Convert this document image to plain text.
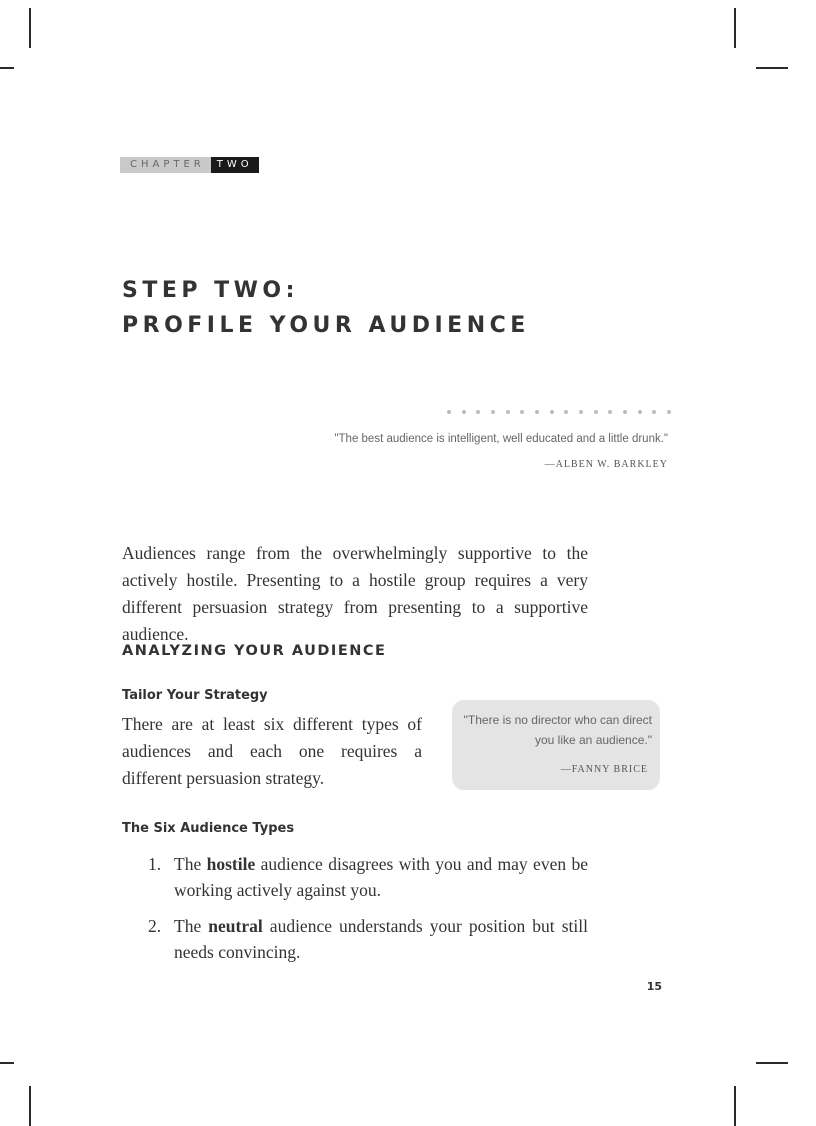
CHAPTER	TWO
STEP TWO:
PROFILE YOUR AUDIENCE
"The best audience is intelligent, well educated and a little drunk."
—ALBEN W. BARKLEY

Audiences range from the overwhelmingly supportive to the actively hostile. Presenting to a hostile group requires a very different persuasion strategy from presenting to a supportive audience.

ANALYZING YOUR AUDIENCE
Tailor Your Strategy

There are at least six different types of audiences and each one requires a different persuasion strategy.

"There is no director who can direct you like an audience."
—FANNY BRICE
The Six Audience Types
1. The hostile audience disagrees with you and may even be working actively against you.
2. The neutral audience understands your position but still needs convincing.
15
